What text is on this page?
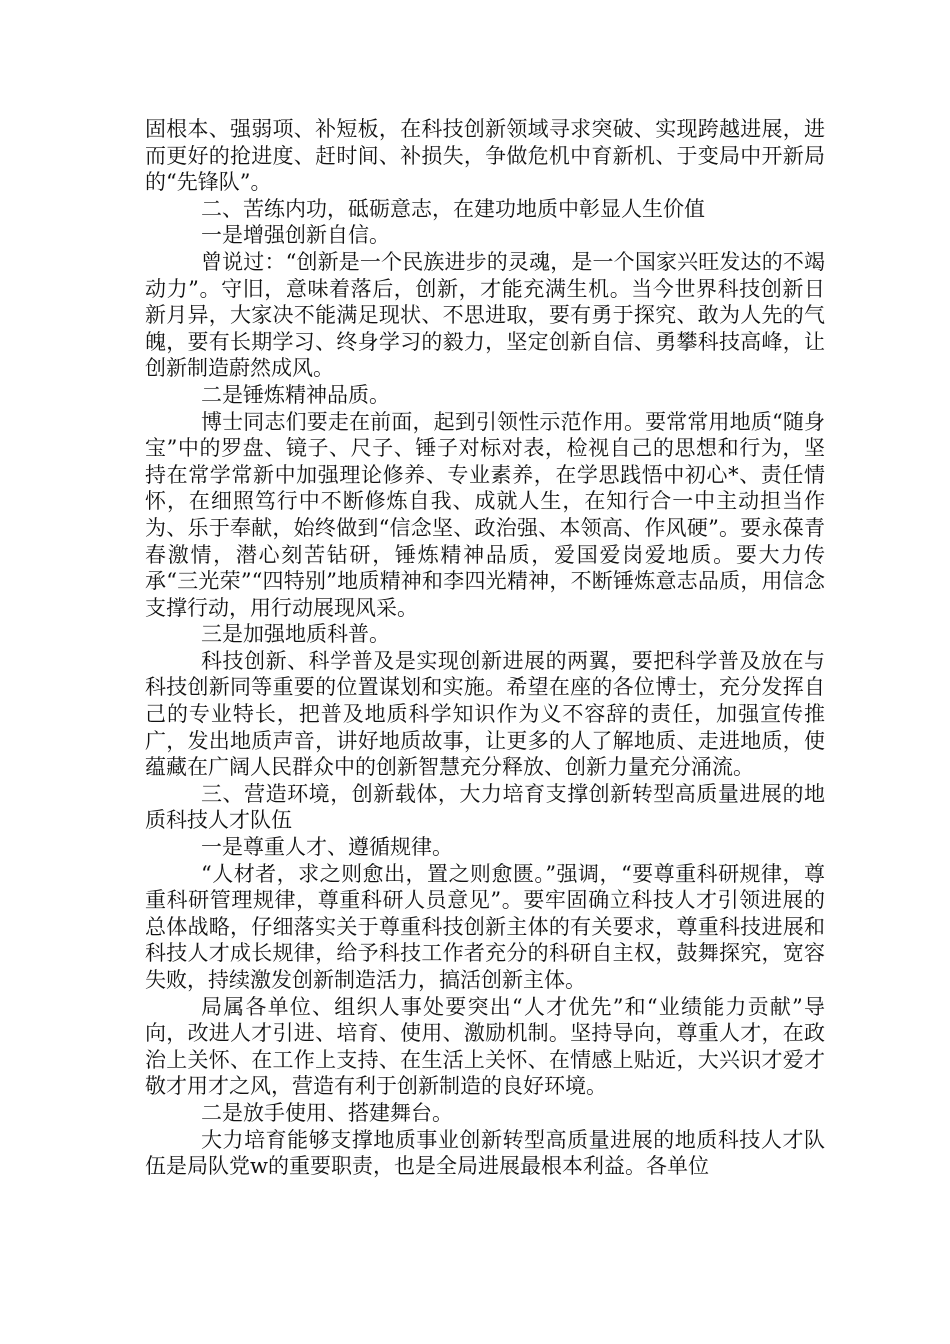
固根本、强弱项、补短板，在科技创新领域寻求突破、实现跨越进展，进而更好的抢进度、赶时间、补损失，争做危机中育新机、于变局中开新局的“先锋队”。

二、苦练内功，砥砺意志，在建功地质中彰显人生价值

一是增强创新自信。

曾说过：“创新是一个民族进步的灵魂，是一个国家兴旺发达的不竭动力”。守旧，意味着落后，创新，才能充满生机。当今世界科技创新日新月异，大家决不能满足现状、不思进取，要有勇于探究、敢为人先的气魄，要有长期学习、终身学习的毅力，坚定创新自信、勇攀科技高峰，让创新制造蔚然成风。

二是锤炼精神品质。

博士同志们要走在前面，起到引领性示范作用。要常常用地质“随身宝”中的罗盘、镜子、尺子、锤子对标对表，检视自己的思想和行为，坚持在常学常新中加强理论修养、专业素养，在学思践悟中初心*、责任情怀，在细照笃行中不断修炼自我、成就人生，在知行合一中主动担当作为、乐于奉献，始终做到“信念坚、政治强、本领高、作风硬”。要永葆青春激情，潜心刻苦钻研，锤炼精神品质，爱国爱岗爱地质。要大力传承“三光荣”“四特别”地质精神和李四光精神，不断锤炼意志品质，用信念支撑行动，用行动展现风采。

三是加强地质科普。

科技创新、科学普及是实现创新进展的两翼，要把科学普及放在与科技创新同等重要的位置谋划和实施。希望在座的各位博士，充分发挥自己的专业特长，把普及地质科学知识作为义不容辞的责任，加强宣传推广，发出地质声音，讲好地质故事，让更多的人了解地质、走进地质，使蕴藏在广阔人民群众中的创新智慧充分释放、创新力量充分涌流。

三、营造环境，创新载体，大力培育支撑创新转型高质量进展的地质科技人才队伍

一是尊重人才、遵循规律。

“人材者，求之则愈出，置之则愈匮。”强调，“要尊重科研规律，尊重科研管理规律，尊重科研人员意见”。要牢固确立科技人才引领进展的总体战略，仔细落实关于尊重科技创新主体的有关要求，尊重科技进展和科技人才成长规律，给予科技工作者充分的科研自主权，鼓舞探究，宽容失败，持续激发创新制造活力，搞活创新主体。

局属各单位、组织人事处要突出“人才优先”和“业绩能力贡献”导向，改进人才引进、培育、使用、激励机制。坚持导向，尊重人才，在政治上关怀、在工作上支持、在生活上关怀、在情感上贴近，大兴识才爱才敬才用才之风，营造有利于创新制造的良好环境。

二是放手使用、搭建舞台。

大力培育能够支撑地质事业创新转型高质量进展的地质科技人才队伍是局队党w的重要职责，也是全局进展最根本利益。各单位
